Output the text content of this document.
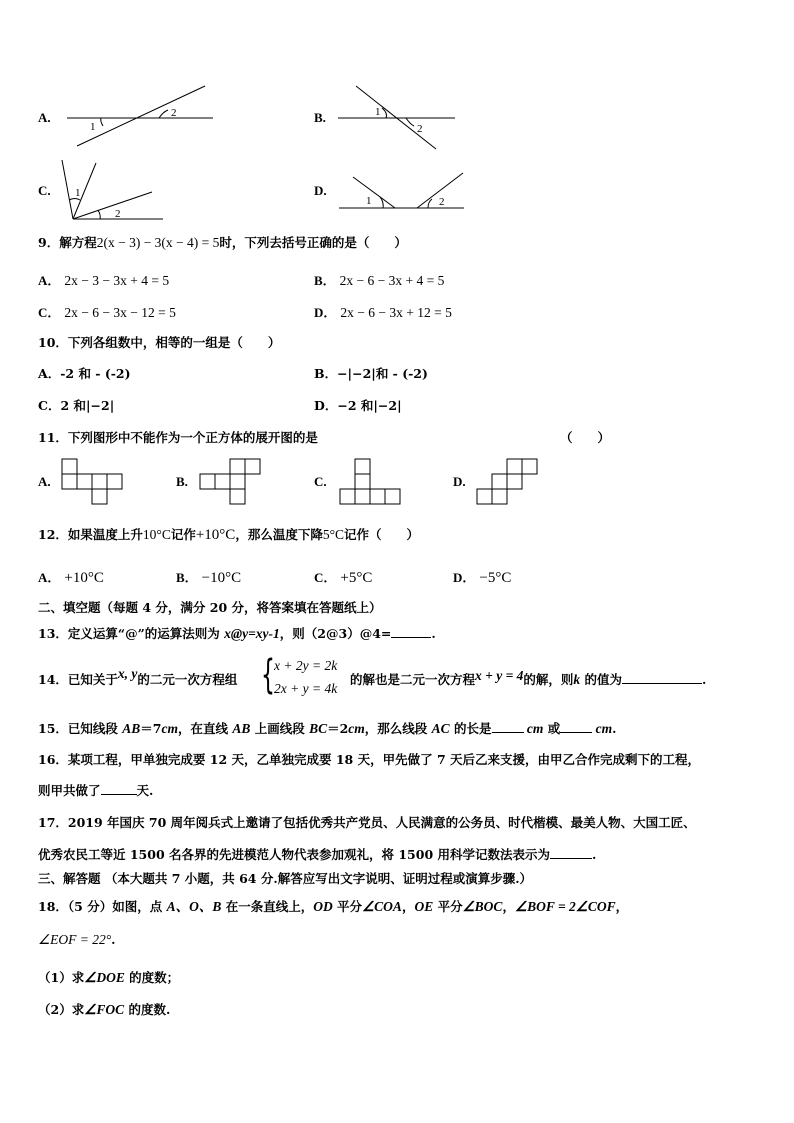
A.
1
2	B.	1
2
C. 1
2
D.
1	2
9．解方程2(x − 3) − 3(x − 4) = 5时，下列去括号正确的是（　　）
A． 2x − 3 − 3x + 4 = 5	B． 2x − 6 − 3x + 4 = 5
C． 2x − 6 − 3x − 12 = 5	D． 2x − 6 − 3x + 12 = 5
10．下列各组数中，相等的一组是（　　）
A．-2 和 - (-2)	B．−|−2|和 - (-2)
C．2 和|−2|	D．−2 和|−2|
11．下列图形中不能作为一个正方体的展开图的是	（　　）
A.	B.	C.	D.
12．如果温度上升10°C记作+10°C，那么温度下降5°C记作（　　）
A． +10°C	B． −10°C	C． +5°C	D． −5°C
二、填空题（每题 4 分，满分 20 分，将答案填在答题纸上）
13．定义运算“@”的运算法则为 x@y=xy-1，则（2@3）@4=	.
14．已知关于x, y的二元一次方程组 { x + 2y = 2k
2x + y = 4k
的解也是二元一次方程x + y = 4的解，则k 的值为	.
15．已知线段 AB＝7cm，在直线 AB 上画线段 BC＝2cm，那么线段 AC 的长是 cm 或 cm.
16．某项工程，甲单独完成要 12 天，乙单独完成要 18 天，甲先做了 7 天后乙来支援，由甲乙合作完成剩下的工程，
则甲共做了	天.
17．2019 年国庆 70 周年阅兵式上邀请了包括优秀共产党员、人民满意的公务员、时代楷模、最美人物、大国工匠、
优秀农民工等近 1500 名各界的先进模范人物代表参加观礼，将 1500 用科学记数法表示为	.
三、解答题 （本大题共 7 小题，共 64 分.解答应写出文字说明、证明过程或演算步骤.）
18．（5 分）如图，点 A、O、B 在一条直线上，OD 平分∠COA，OE 平分∠BOC，∠BOF = 2∠COF，
∠EOF = 22°.
（1）求∠DOE 的度数；
（2）求∠FOC 的度数.
